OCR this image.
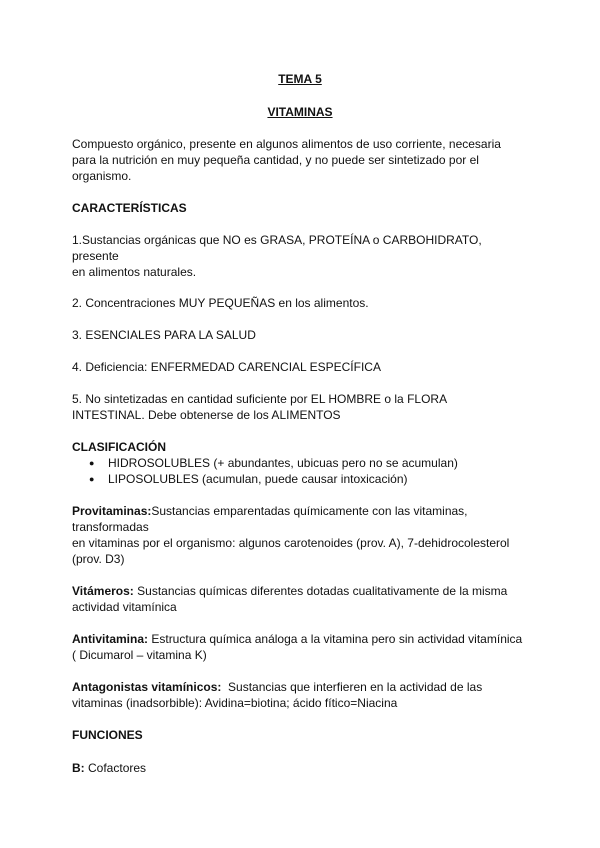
TEMA 5
VITAMINAS
Compuesto orgánico, presente en algunos alimentos de uso corriente, necesaria
para la nutrición en muy pequeña cantidad, y no puede ser sintetizado por el
organismo.
CARACTERÍSTICAS
1.Sustancias orgánicas que NO es GRASA, PROTEÍNA o CARBOHIDRATO,
presente
en alimentos naturales.
2. Concentraciones MUY PEQUEÑAS en los alimentos.
3. ESENCIALES PARA LA SALUD
4. Deficiencia: ENFERMEDAD CARENCIAL ESPECÍFICA
5. No sintetizadas en cantidad suficiente por EL HOMBRE o la FLORA
INTESTINAL. Debe obtenerse de los ALIMENTOS
CLASIFICACIÓN
● HIDROSOLUBLES (+ abundantes, ubicuas pero no se acumulan)
● LIPOSOLUBLES (acumulan, puede causar intoxicación)
Provitaminas:Sustancias emparentadas químicamente con las vitaminas,
transformadas
en vitaminas por el organismo: algunos carotenoides (prov. A), 7-dehidrocolesterol
(prov. D3)
Vitámeros: Sustancias químicas diferentes dotadas cualitativamente de la misma
actividad vitamínica
Antivitamina: Estructura química análoga a la vitamina pero sin actividad vitamínica
( Dicumarol – vitamina K)
Antagonistas vitamínicos:  Sustancias que interfieren en la actividad de las
vitaminas (inadsorbible): Avidina=biotina; ácido fítico=Niacina
FUNCIONES
B: Cofactores
